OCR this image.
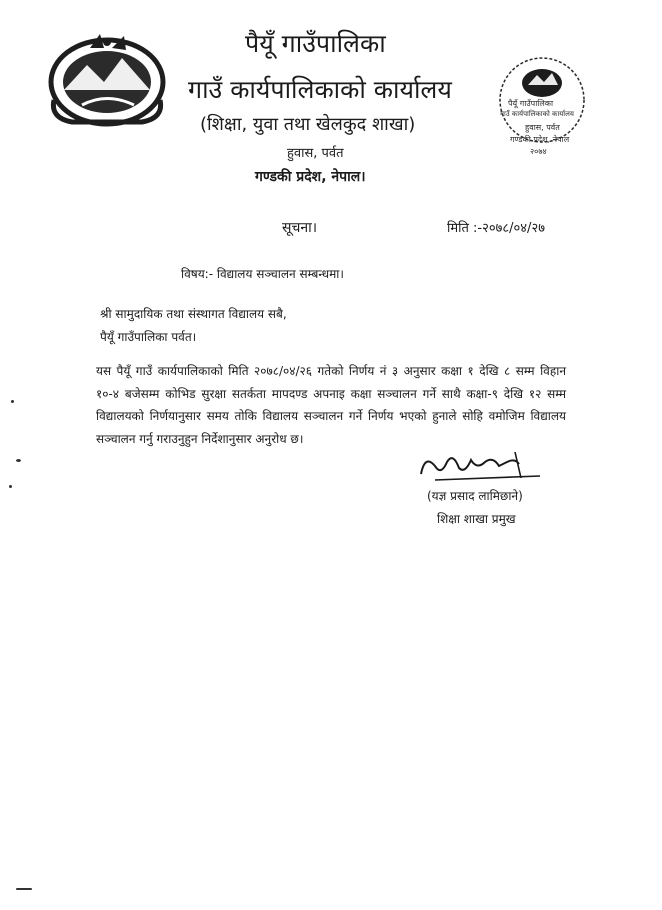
पैयूँ गाउँपालिका
गाउँ कार्यपालिकाको कार्यालय
हुवास, पर्वत
गण्डकी प्रदेश, नेपाल
२०७४
पैयूँ गाउँपालिका
गाउँ कार्यपालिकाको कार्यालय
(शिक्षा, युवा तथा खेलकुद शाखा)
हुवास, पर्वत
गण्डकी प्रदेश, नेपाल।
सूचना।	मिति :-२०७८/०४/२७
विषय:- विद्यालय सञ्चालन सम्बन्धमा।
श्री सामुदायिक तथा संस्थागत विद्यालय सबै,
पैयूँ गाउँपालिका पर्वत।
यस पैयूँ गाउँ कार्यपालिकाको मिति २०७८/०४/२६ गतेको निर्णय नं ३ अनुसार कक्षा १ देखि ८ सम्म विहान १०-४ बजेसम्म कोभिड सुरक्षा सतर्कता मापदण्ड अपनाइ कक्षा सञ्चालन गर्ने साथै कक्षा-९ देखि १२ सम्म विद्यालयको निर्णयानुसार समय तोकि विद्यालय सञ्चालन गर्ने निर्णय भएको हुनाले सोहि वमोजिम विद्यालय सञ्चालन गर्नु गराउनुहुन निर्देशानुसार अनुरोध छ।
(यज्ञ प्रसाद लामिछाने)
शिक्षा शाखा प्रमुख
